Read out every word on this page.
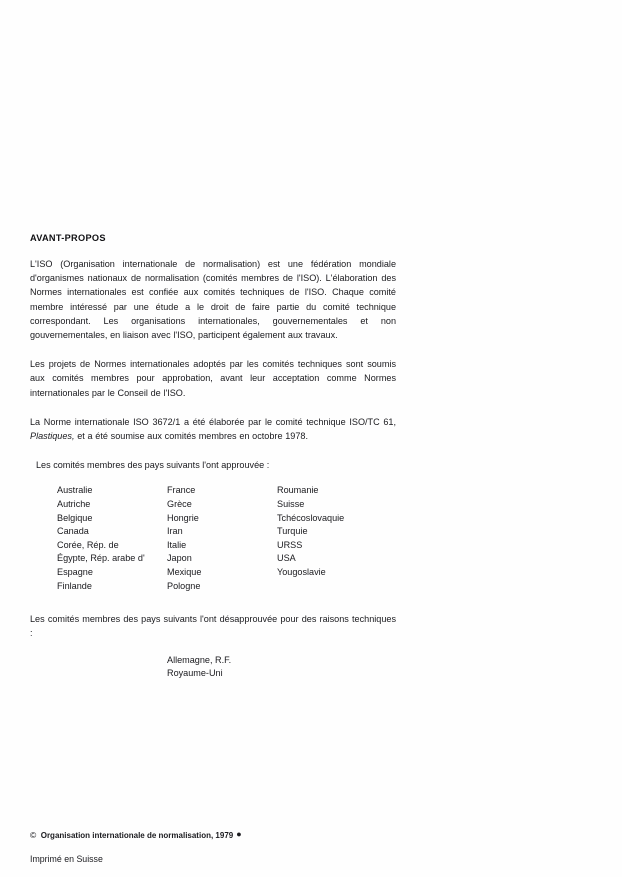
AVANT-PROPOS

L'ISO (Organisation internationale de normalisation) est une fédération mondiale d'organismes nationaux de normalisation (comités membres de l'ISO). L'élaboration des Normes internationales est confiée aux comités techniques de l'ISO. Chaque comité membre intéressé par une étude a le droit de faire partie du comité technique correspondant. Les organisations internationales, gouvernementales et non gouvernementales, en liaison avec l'ISO, participent également aux travaux.

Les projets de Normes internationales adoptés par les comités techniques sont soumis aux comités membres pour approbation, avant leur acceptation comme Normes internationales par le Conseil de l'ISO.

La Norme internationale ISO 3672/1 a été élaborée par le comité technique ISO/TC 61, Plastiques, et a été soumise aux comités membres en octobre 1978.

Les comités membres des pays suivants l'ont approuvée :

Australie
Autriche
Belgique
Canada
Corée, Rép. de
Égypte, Rép. arabe d'
Espagne
Finlande
France
Grèce
Hongrie
Iran
Italie
Japon
Mexique
Pologne
Roumanie
Suisse
Tchécoslovaquie
Turquie
URSS
USA
Yougoslavie

Les comités membres des pays suivants l'ont désapprouvée pour des raisons techniques :

Allemagne, R.F.
Royaume-Uni
© Organisation internationale de normalisation, 1979 ●
Imprimé en Suisse
